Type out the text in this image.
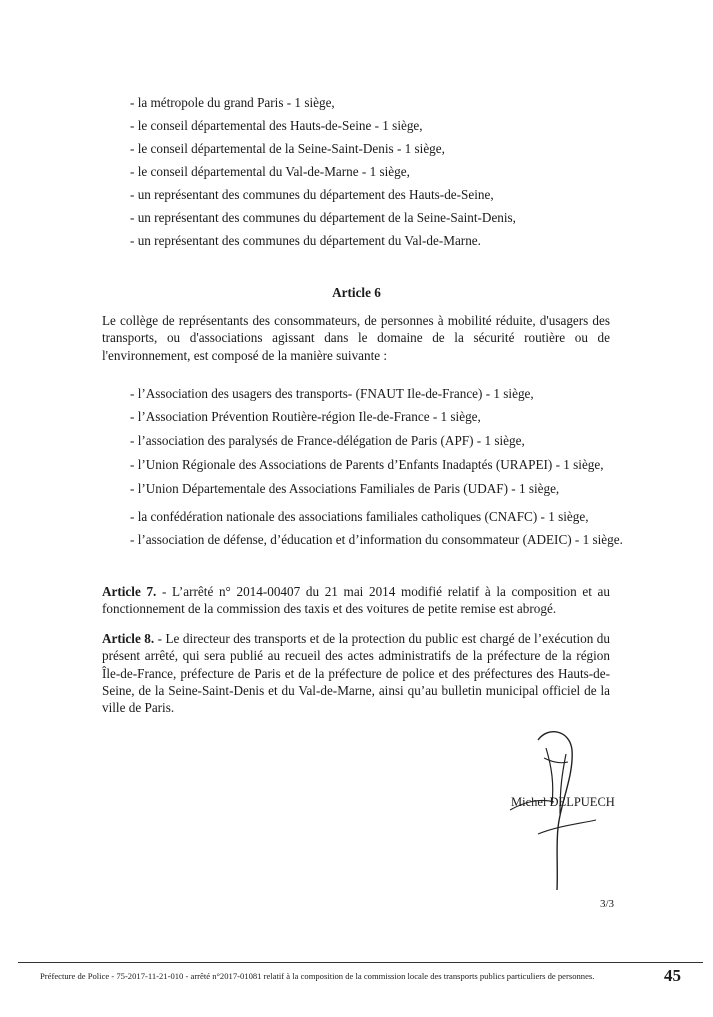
- la métropole du grand Paris - 1 siège,
- le conseil départemental des Hauts-de-Seine - 1 siège,
- le conseil départemental de la Seine-Saint-Denis - 1 siège,
- le conseil départemental du Val-de-Marne - 1 siège,
- un représentant des communes du département des Hauts-de-Seine,
- un représentant des communes du département de la Seine-Saint-Denis,
- un représentant des communes du département du Val-de-Marne.
Article 6
Le collège de représentants des consommateurs, de personnes à mobilité réduite, d'usagers des transports, ou d'associations agissant dans le domaine de la sécurité routière ou de l'environnement, est composé de la manière suivante :
- l’Association des usagers des transports- (FNAUT Ile-de-France) - 1 siège,
- l’Association Prévention Routière-région Ile-de-France - 1 siège,
- l’association des paralysés de France-délégation de Paris (APF) - 1 siège,
- l’Union Régionale des Associations de Parents d’Enfants Inadaptés (URAPEI) - 1 siège,
- l’Union Départementale des Associations Familiales de Paris (UDAF) - 1 siège,
- la confédération nationale des associations familiales catholiques (CNAFC) - 1 siège,
- l’association de défense, d’éducation et d’information du consommateur (ADEIC) - 1 siège.
Article 7. - L’arrêté n° 2014-00407 du 21 mai 2014 modifié relatif à la composition et au fonctionnement de la commission des taxis et des voitures de petite remise est abrogé.
Article 8. - Le directeur des transports et de la protection du public est chargé de l’exécution du présent arrêté, qui sera publié au recueil des actes administratifs de la préfecture de la région Île-de-France, préfecture de Paris et de la préfecture de police et des préfectures des Hauts-de-Seine, de la Seine-Saint-Denis et du Val-de-Marne, ainsi qu’au bulletin municipal officiel de la ville de Paris.
Michel DELPUECH
3/3
Préfecture de Police - 75-2017-11-21-010 - arrêté n°2017-01081 relatif à la composition de la commission locale des transports publics particuliers de personnes.	45
